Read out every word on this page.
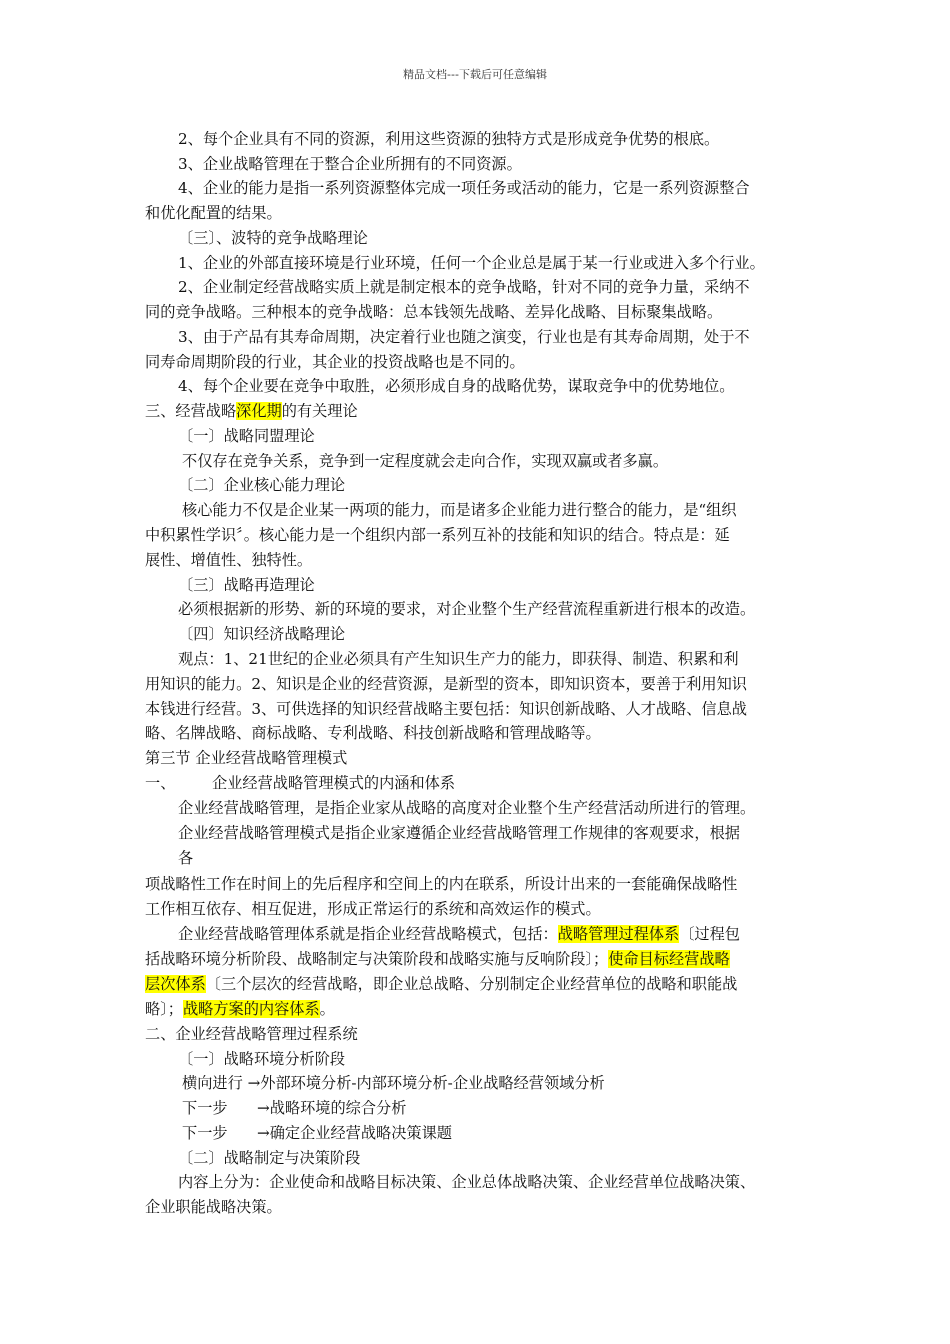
精品文档---下载后可任意编辑
2、每个企业具有不同的资源，利用这些资源的独特方式是形成竞争优势的根底。
3、企业战略管理在于整合企业所拥有的不同资源。
4、企业的能力是指一系列资源整体完成一项任务或活动的能力，它是一系列资源整合
和优化配置的结果。
〔三〕、波特的竞争战略理论
1、企业的外部直接环境是行业环境，任何一个企业总是属于某一行业或进入多个行业。
2、企业制定经营战略实质上就是制定根本的竞争战略，针对不同的竞争力量，采纳不
同的竞争战略。三种根本的竞争战略：总本钱领先战略、差异化战略、目标聚集战略。
3、由于产品有其寿命周期，决定着行业也随之演变，行业也是有其寿命周期，处于不
同寿命周期阶段的行业，其企业的投资战略也是不同的。
4、每个企业要在竞争中取胜，必须形成自身的战略优势，谋取竞争中的优势地位。
三、经营战略深化期的有关理论
〔一〕战略同盟理论
不仅存在竞争关系，竞争到一定程度就会走向合作，实现双赢或者多赢。
〔二〕企业核心能力理论
核心能力不仅是企业某一两项的能力，而是诸多企业能力进行整合的能力，是“组织
中积累性学识〞。核心能力是一个组织内部一系列互补的技能和知识的结合。特点是：延
展性、增值性、独特性。
〔三〕战略再造理论
必须根据新的形势、新的环境的要求，对企业整个生产经营流程重新进行根本的改造。
〔四〕知识经济战略理论
观点：1、21世纪的企业必须具有产生知识生产力的能力，即获得、制造、积累和利
用知识的能力。2、知识是企业的经营资源，是新型的资本，即知识资本，要善于利用知识
本钱进行经营。3、可供选择的知识经营战略主要包括：知识创新战略、人才战略、信息战
略、名牌战略、商标战略、专利战略、科技创新战略和管理战略等。
第三节 企业经营战略管理模式
一、 企业经营战略管理模式的内涵和体系
企业经营战略管理，是指企业家从战略的高度对企业整个生产经营活动所进行的管理。
企业经营战略管理模式是指企业家遵循企业经营战略管理工作规律的客观要求，根据
各
项战略性工作在时间上的先后程序和空间上的内在联系，所设计出来的一套能确保战略性
工作相互依存、相互促进，形成正常运行的系统和高效运作的模式。
企业经营战略管理体系就是指企业经营战略模式，包括：战略管理过程体系〔过程包
括战略环境分析阶段、战略制定与决策阶段和战略实施与反响阶段〕；使命目标经营战略
层次体系〔三个层次的经营战略，即企业总战略、分别制定企业经营单位的战略和职能战
略〕；战略方案的内容体系。
二、企业经营战略管理过程系统
〔一〕战略环境分析阶段
横向进行 →外部环境分析-内部环境分析-企业战略经营领域分析
下一步 →战略环境的综合分析
下一步 →确定企业经营战略决策课题
〔二〕战略制定与决策阶段
内容上分为：企业使命和战略目标决策、企业总体战略决策、企业经营单位战略决策、
企业职能战略决策。
